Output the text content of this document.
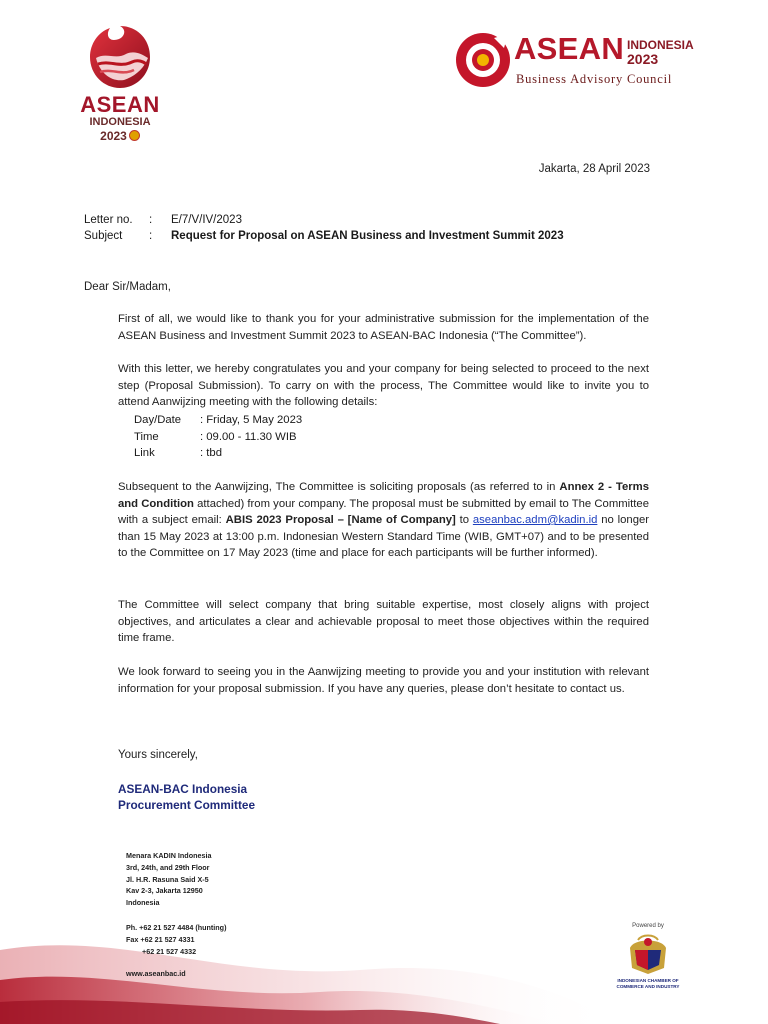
ASEAN
INDONESIA
2023
ASEAN INDONESIA
2023
Business Advisory Council
Jakarta, 28 April 2023
Letter no. : E/7/V/IV/2023
Subject : Request for Proposal on ASEAN Business and Investment Summit 2023
Dear Sir/Madam,
First of all, we would like to thank you for your administrative submission for the implementation of the ASEAN Business and Investment Summit 2023 to ASEAN-BAC Indonesia (“The Committee”).
With this letter, we hereby congratulates you and your company for being selected to proceed to the next step (Proposal Submission). To carry on with the process, The Committee would like to invite you to attend Aanwijzing meeting with the following details:
Day/Date : Friday, 5 May 2023
Time	: 09.00 - 11.30 WIB
Link	: tbd
Subsequent to the Aanwijzing, The Committee is soliciting proposals (as referred to in Annex 2 - Terms and Condition attached) from your company. The proposal must be submitted by email to The Committee with a subject email: ABIS 2023 Proposal – [Name of Company] to aseanbac.adm@kadin.id no longer than 15 May 2023 at 13:00 p.m. Indonesian Western Standard Time (WIB, GMT+07) and to be presented to the Committee on 17 May 2023 (time and place for each participants will be further informed).
The Committee will select company that bring suitable expertise, most closely aligns with project objectives, and articulates a clear and achievable proposal to meet those objectives within the required time frame.
We look forward to seeing you in the Aanwijzing meeting to provide you and your institution with relevant information for your proposal submission. If you have any queries, please don’t hesitate to contact us.
Yours sincerely,
ASEAN-BAC Indonesia
Procurement Committee
Menara KADIN Indonesia
3rd, 24th, and 29th Floor
Jl. H.R. Rasuna Said X-5
Kav 2-3, Jakarta 12950
Indonesia
Ph. +62 21 527 4484 (hunting)
Fax +62 21 527 4331
+62 21 527 4332
www.aseanbac.id
Powered by
INDONESIAN CHAMBER OF COMMERCE AND INDUSTRY
